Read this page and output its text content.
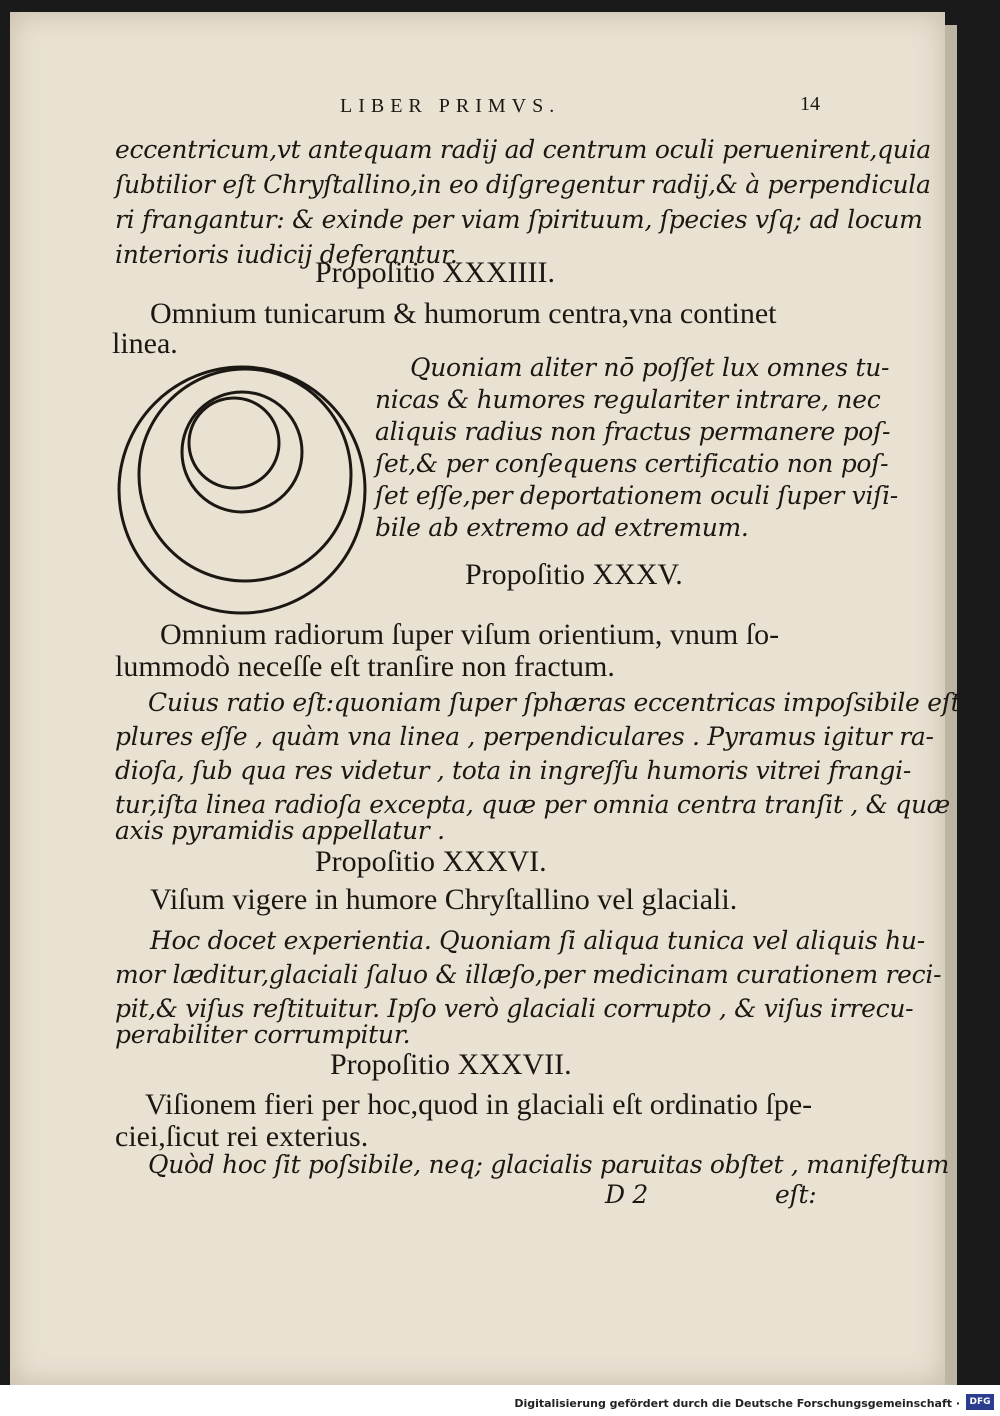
LIBER PRIMVS.	14
eccentricum,vt antequam radij ad centrum oculi peruenirent,quia
ſubtilior eſt Chryſtallino,in eo diſgregentur radij,& à perpendicula
ri frangantur: & exinde per viam ſpirituum, ſpecies vſq; ad locum
interioris iudicij deferantur.
Propoſitio XXXIIII.
Omnium tunicarum & humorum centra,vna continet
linea.
Quoniam aliter nō poſſet lux omnes tu-
nicas & humores regulariter intrare, nec
aliquis radius non fractus permanere poſ-
ſet,& per conſequens certificatio non poſ-
ſet eſſe,per deportationem oculi ſuper viſi-
bile ab extremo ad extremum.
Propoſitio XXXV.
Omnium radiorum ſuper viſum orientium, vnum ſo-
lummodò neceſſe eſt tranſire non fractum.
Cuius ratio eſt:quoniam ſuper ſphæras eccentricas impoſsibile eſt
plures eſſe , quàm vna linea , perpendiculares . Pyramus igitur ra-
dioſa, ſub qua res videtur , tota in ingreſſu humoris vitrei frangi-
tur,iſta linea radioſa excepta, quæ per omnia centra tranſit , & quæ
axis pyramidis appellatur .
Propoſitio XXXVI.
Viſum vigere in humore Chryſtallino vel glaciali.
Hoc docet experientia. Quoniam ſi aliqua tunica vel aliquis hu-
mor læditur,glaciali ſaluo & illæſo,per medicinam curationem reci-
pit,& viſus reſtituitur. Ipſo verò glaciali corrupto , & viſus irrecu-
perabiliter corrumpitur.
Propoſitio XXXVII.
Viſionem fieri per hoc,quod in glaciali eſt ordinatio ſpe-
ciei,ſicut rei exterius.
Quòd hoc ſit poſsibile, neq; glacialis paruitas obſtet , manifeſtum
D 2	eſt:
Digitalisierung gefördert durch die Deutsche Forschungsgemeinschaft ·	DFG
